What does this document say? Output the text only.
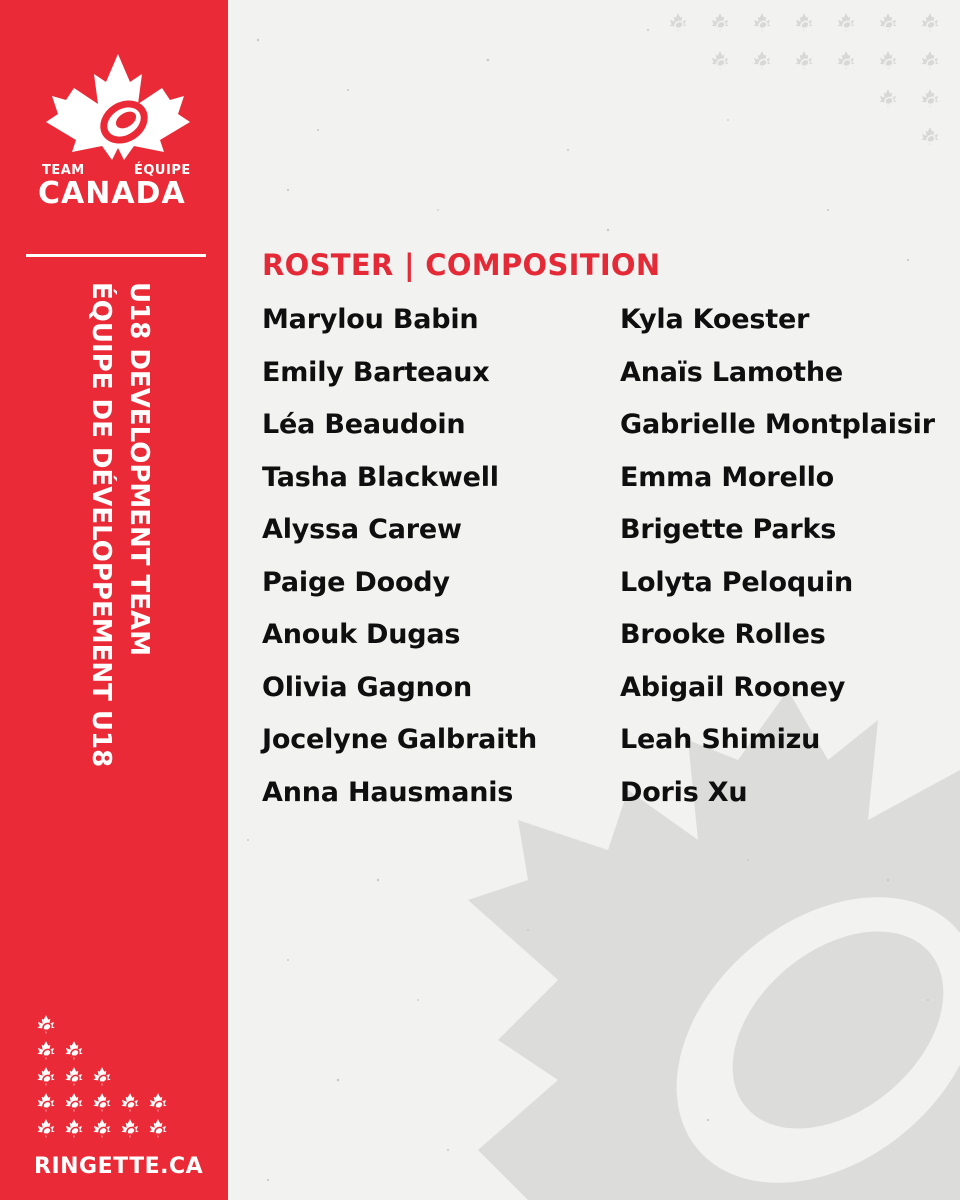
TEAM	ÉQUIPE
CANADA
U18 DEVELOPMENT TEAM
ÉQUIPE DE DÉVELOPPEMENT U18
RINGETTE.CA
ROSTER | COMPOSITION
Marylou Babin
Emily Barteaux
Léa Beaudoin
Tasha Blackwell
Alyssa Carew
Paige Doody
Anouk Dugas
Olivia Gagnon
Jocelyne Galbraith
Anna Hausmanis
Kyla Koester
Anaïs Lamothe
Gabrielle Montplaisir
Emma Morello
Brigette Parks
Lolyta Peloquin
Brooke Rolles
Abigail Rooney
Leah Shimizu
Doris Xu
